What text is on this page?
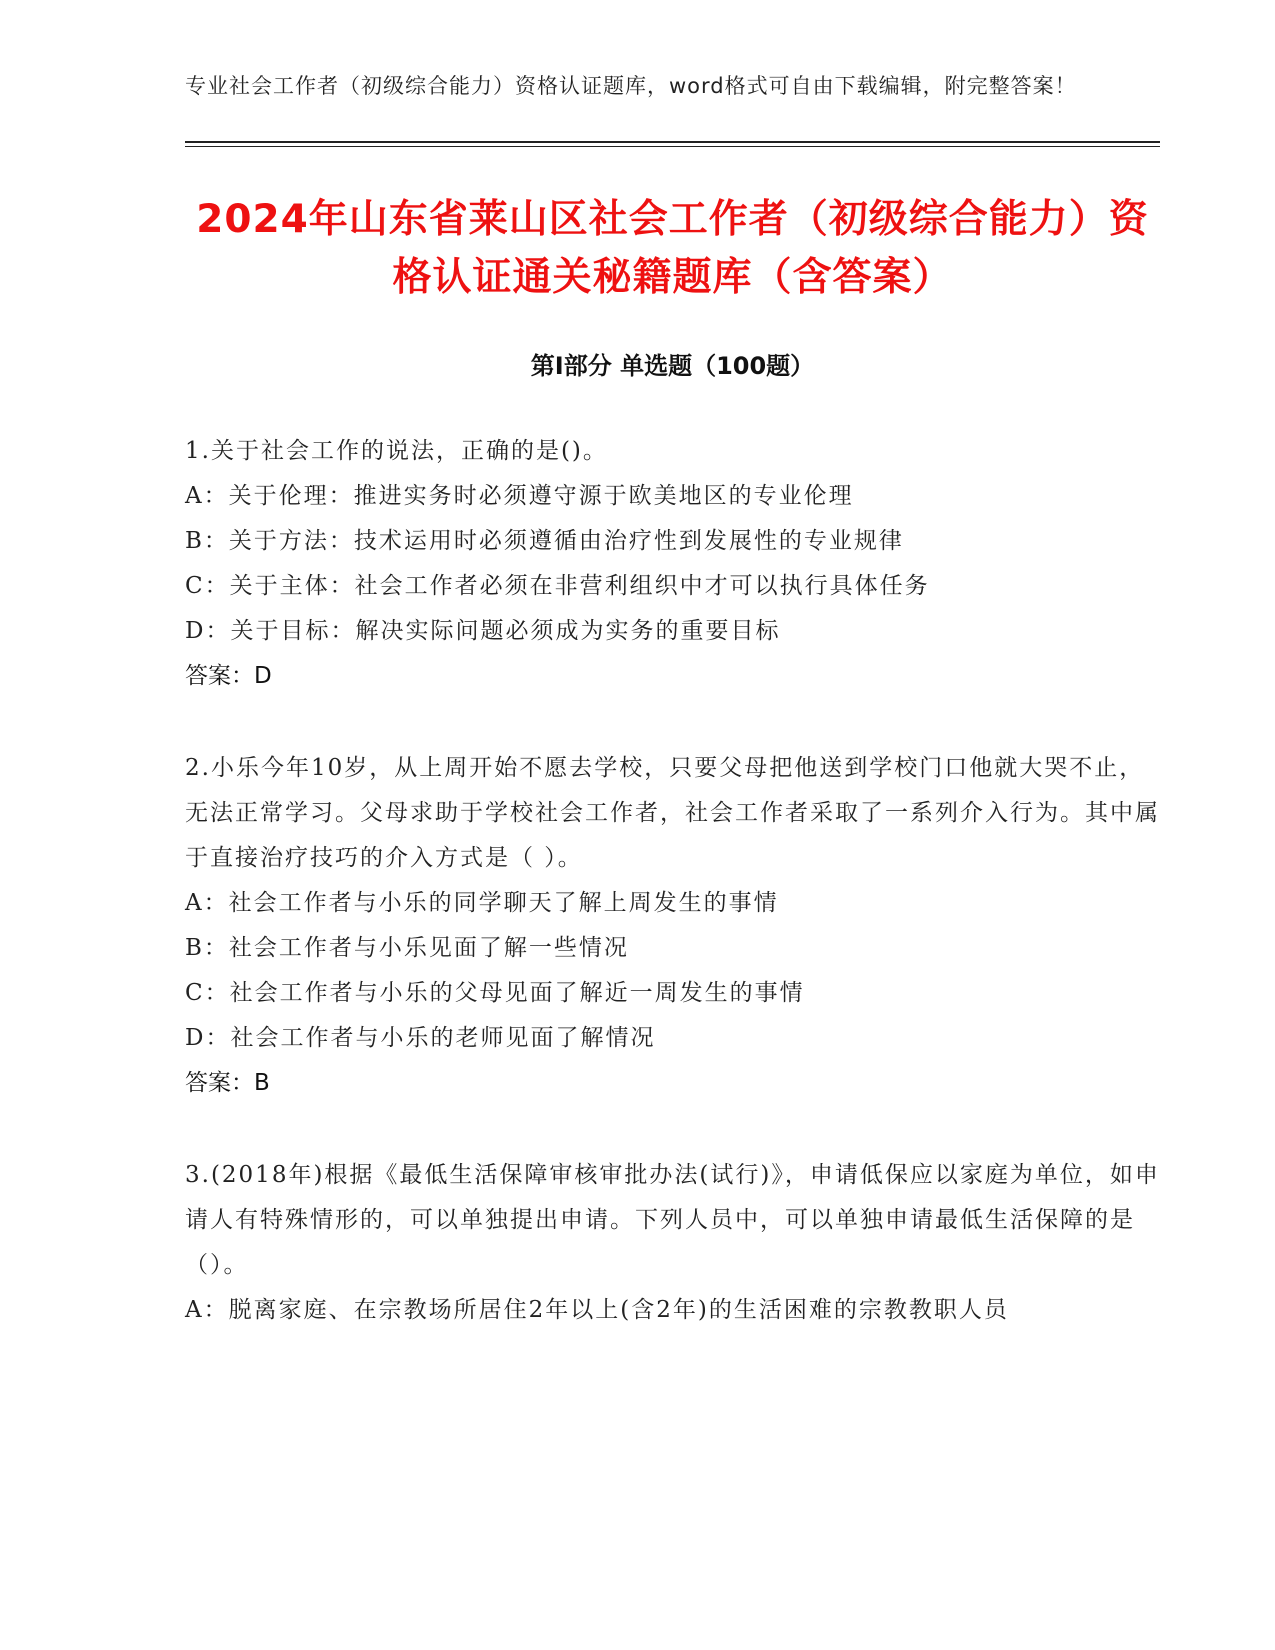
专业社会工作者（初级综合能力）资格认证题库，word格式可自由下载编辑，附完整答案！

2024年山东省莱山区社会工作者（初级综合能力）资格认证通关秘籍题库（含答案）
第Ⅰ部分 单选题（100题）

1.关于社会工作的说法，正确的是()。

A：关于伦理：推进实务时必须遵守源于欧美地区的专业伦理

B：关于方法：技术运用时必须遵循由治疗性到发展性的专业规律

C：关于主体：社会工作者必须在非营利组织中才可以执行具体任务

D：关于目标：解决实际问题必须成为实务的重要目标

答案：D

2.小乐今年10岁，从上周开始不愿去学校，只要父母把他送到学校门口他就大哭不止，无法正常学习。父母求助于学校社会工作者，社会工作者采取了一系列介入行为。其中属于直接治疗技巧的介入方式是（ ）。

A：社会工作者与小乐的同学聊天了解上周发生的事情

B：社会工作者与小乐见面了解一些情况

C：社会工作者与小乐的父母见面了解近一周发生的事情

D：社会工作者与小乐的老师见面了解情况

答案：B

3.(2018年)根据《最低生活保障审核审批办法(试行)》，申请低保应以家庭为单位，如申请人有特殊情形的，可以单独提出申请。下列人员中，可以单独申请最低生活保障的是（）。

A：脱离家庭、在宗教场所居住2年以上(含2年)的生活困难的宗教教职人员
